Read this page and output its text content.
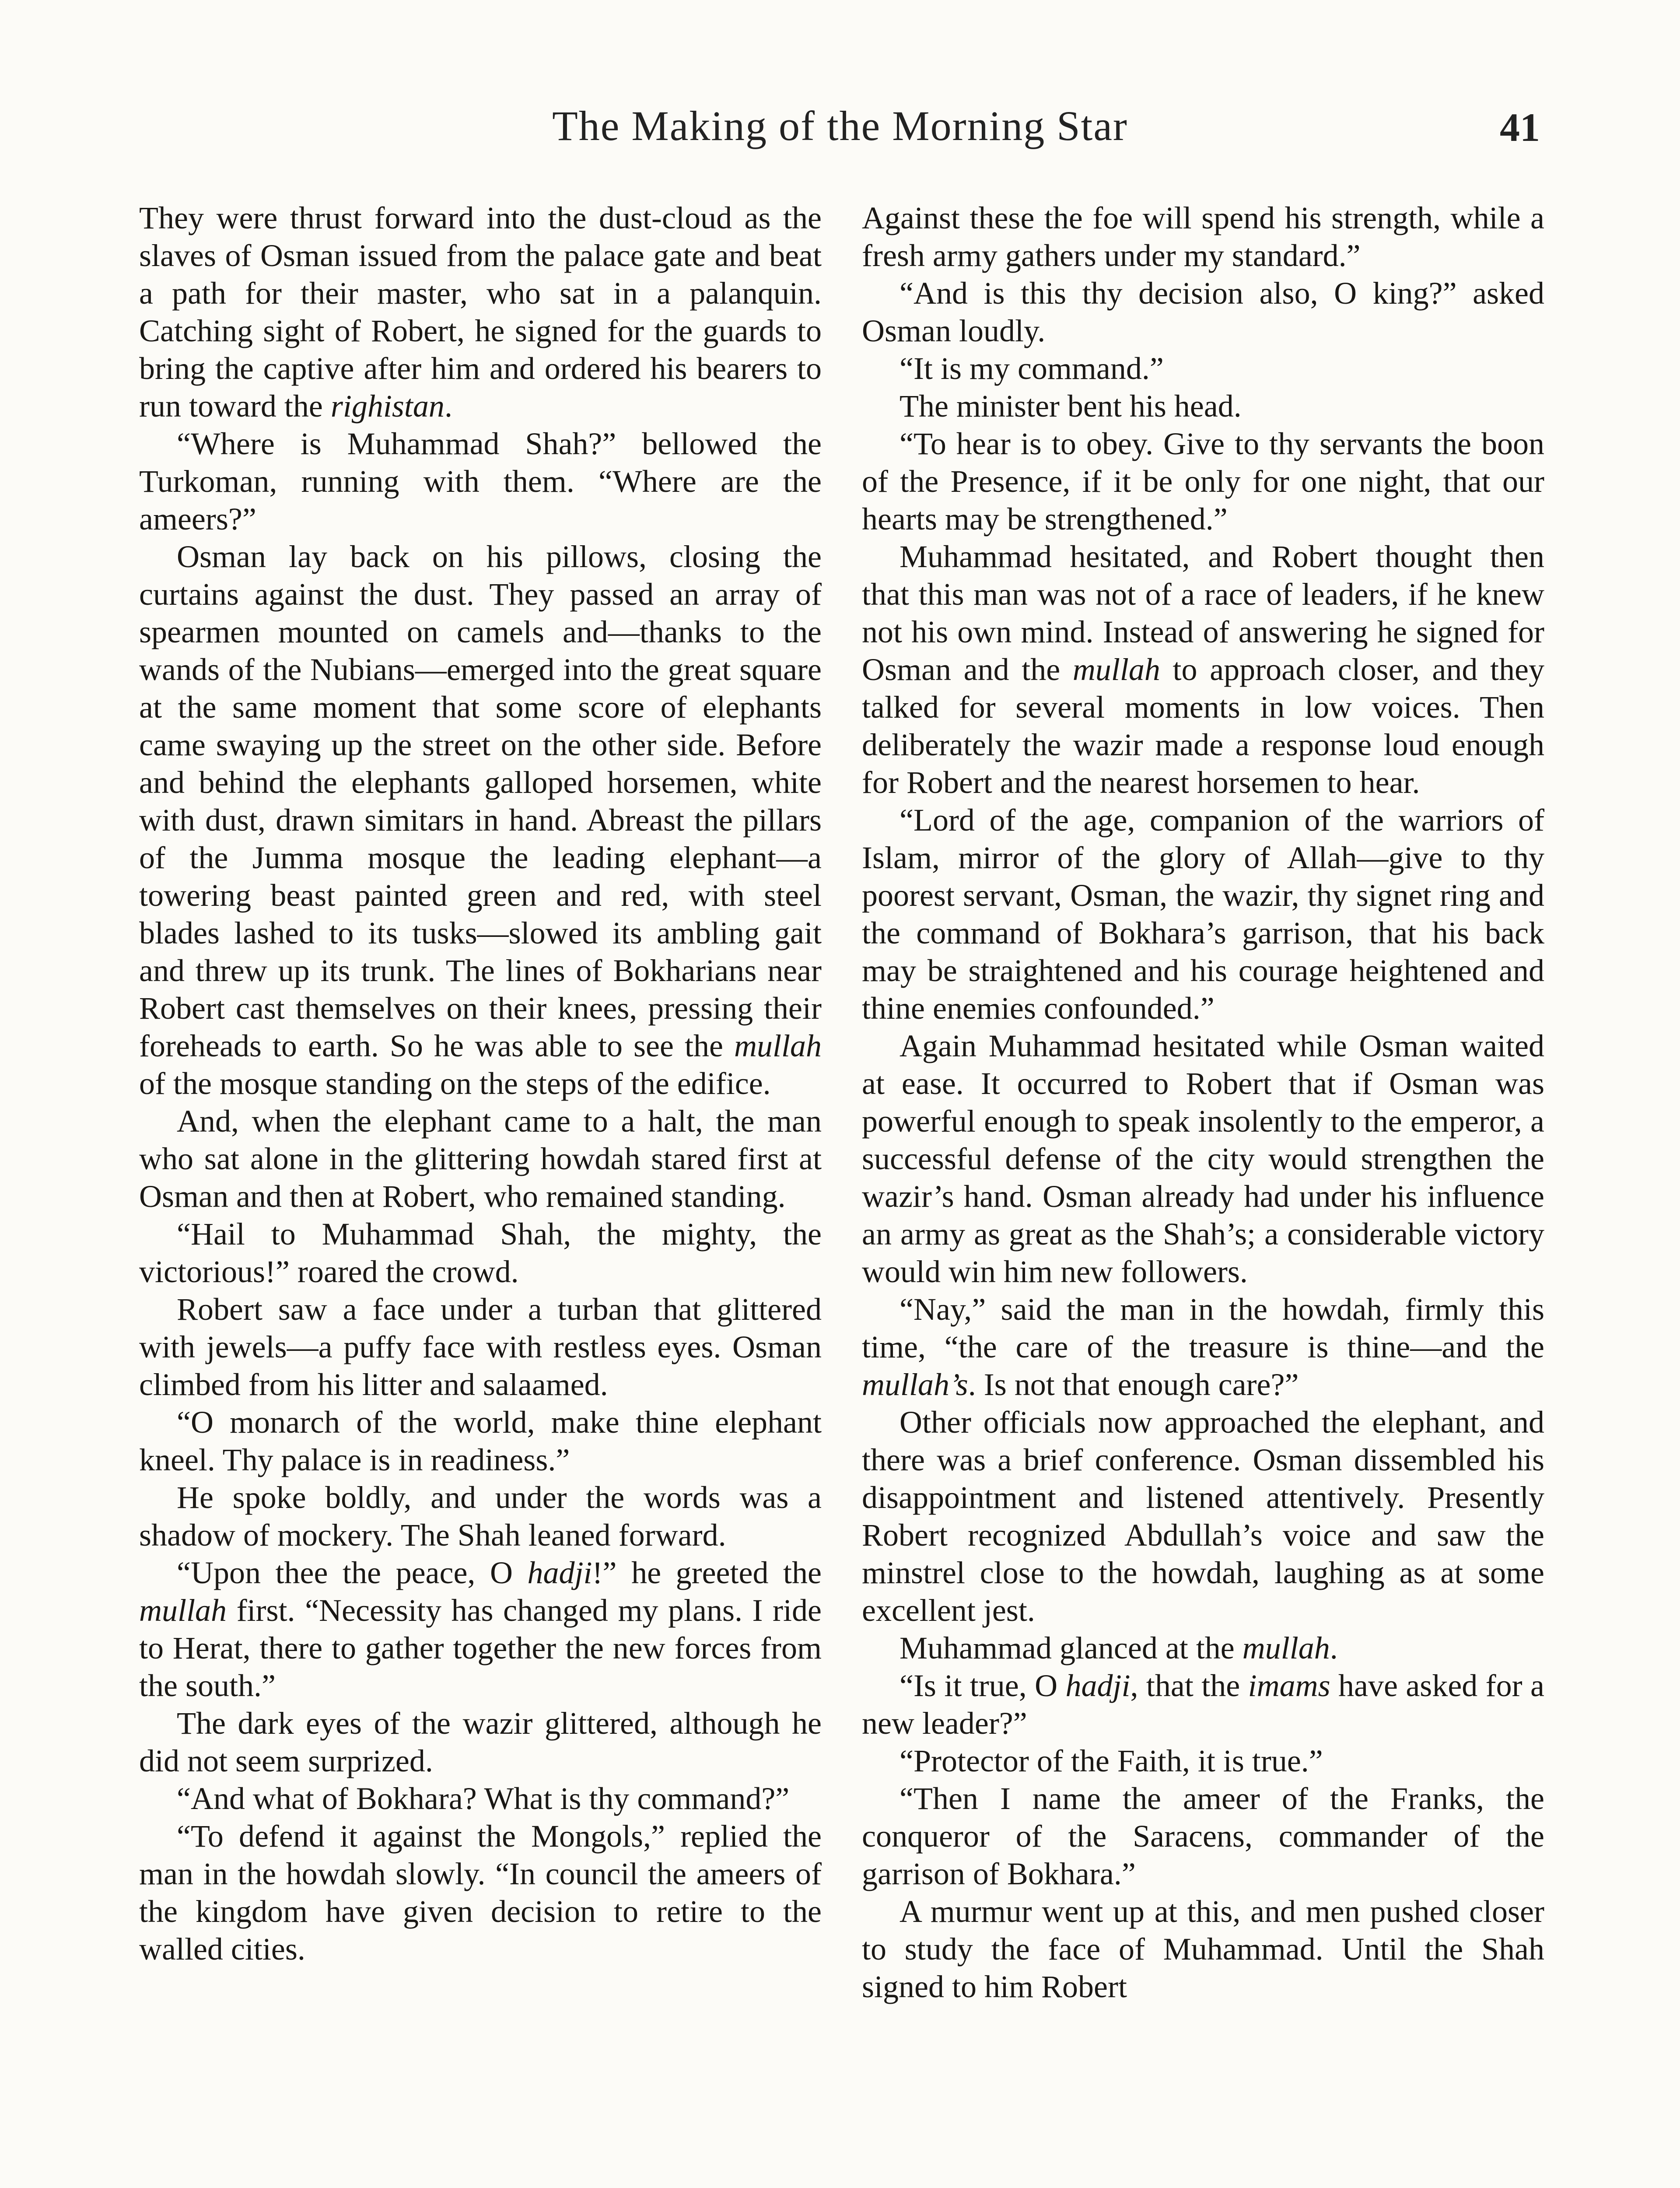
The Making of the Morning Star	41

They were thrust forward into the dust-cloud as the slaves of Osman issued from the palace gate and beat a path for their master, who sat in a palanquin. Catching sight of Robert, he signed for the guards to bring the captive after him and ordered his bearers to run toward the righistan.

“Where is Muhammad Shah?” bellowed the Turkoman, running with them. “Where are the ameers?”

Osman lay back on his pillows, closing the curtains against the dust. They passed an array of spearmen mounted on camels and—thanks to the wands of the Nubians—emerged into the great square at the same moment that some score of elephants came swaying up the street on the other side. Before and behind the elephants galloped horsemen, white with dust, drawn simitars in hand. Abreast the pillars of the Jumma mosque the leading elephant—a towering beast painted green and red, with steel blades lashed to its tusks—slowed its ambling gait and threw up its trunk. The lines of Bokharians near Robert cast themselves on their knees, pressing their foreheads to earth. So he was able to see the mullah of the mosque standing on the steps of the edifice.

And, when the elephant came to a halt, the man who sat alone in the glittering howdah stared first at Osman and then at Robert, who remained standing.

“Hail to Muhammad Shah, the mighty, the victorious!” roared the crowd.

Robert saw a face under a turban that glittered with jewels—a puffy face with restless eyes. Osman climbed from his litter and salaamed.

“O monarch of the world, make thine elephant kneel. Thy palace is in readiness.”

He spoke boldly, and under the words was a shadow of mockery. The Shah leaned forward.

“Upon thee the peace, O hadji!” he greeted the mullah first. “Necessity has changed my plans. I ride to Herat, there to gather together the new forces from the south.”

The dark eyes of the wazir glittered, although he did not seem surprized.

“And what of Bokhara? What is thy command?”

“To defend it against the Mongols,” replied the man in the howdah slowly. “In council the ameers of the kingdom have given decision to retire to the walled cities.

Against these the foe will spend his strength, while a fresh army gathers under my standard.”

“And is this thy decision also, O king?” asked Osman loudly.

“It is my command.”

The minister bent his head.

“To hear is to obey. Give to thy servants the boon of the Presence, if it be only for one night, that our hearts may be strengthened.”

Muhammad hesitated, and Robert thought then that this man was not of a race of leaders, if he knew not his own mind. Instead of answering he signed for Osman and the mullah to approach closer, and they talked for several moments in low voices. Then deliberately the wazir made a response loud enough for Robert and the nearest horsemen to hear.

“Lord of the age, companion of the warriors of Islam, mirror of the glory of Allah—give to thy poorest servant, Osman, the wazir, thy signet ring and the command of Bokhara’s garrison, that his back may be straightened and his courage heightened and thine enemies confounded.”

Again Muhammad hesitated while Osman waited at ease. It occurred to Robert that if Osman was powerful enough to speak insolently to the emperor, a successful defense of the city would strengthen the wazir’s hand. Osman already had under his influence an army as great as the Shah’s; a considerable victory would win him new followers.

“Nay,” said the man in the howdah, firmly this time, “the care of the treasure is thine—and the mullah’s. Is not that enough care?”

Other officials now approached the elephant, and there was a brief conference. Osman dissembled his disappointment and listened attentively. Presently Robert recognized Abdullah’s voice and saw the minstrel close to the howdah, laughing as at some excellent jest.

Muhammad glanced at the mullah.

“Is it true, O hadji, that the imams have asked for a new leader?”

“Protector of the Faith, it is true.”

“Then I name the ameer of the Franks, the conqueror of the Saracens, commander of the garrison of Bokhara.”

A murmur went up at this, and men pushed closer to study the face of Muhammad. Until the Shah signed to him Robert
